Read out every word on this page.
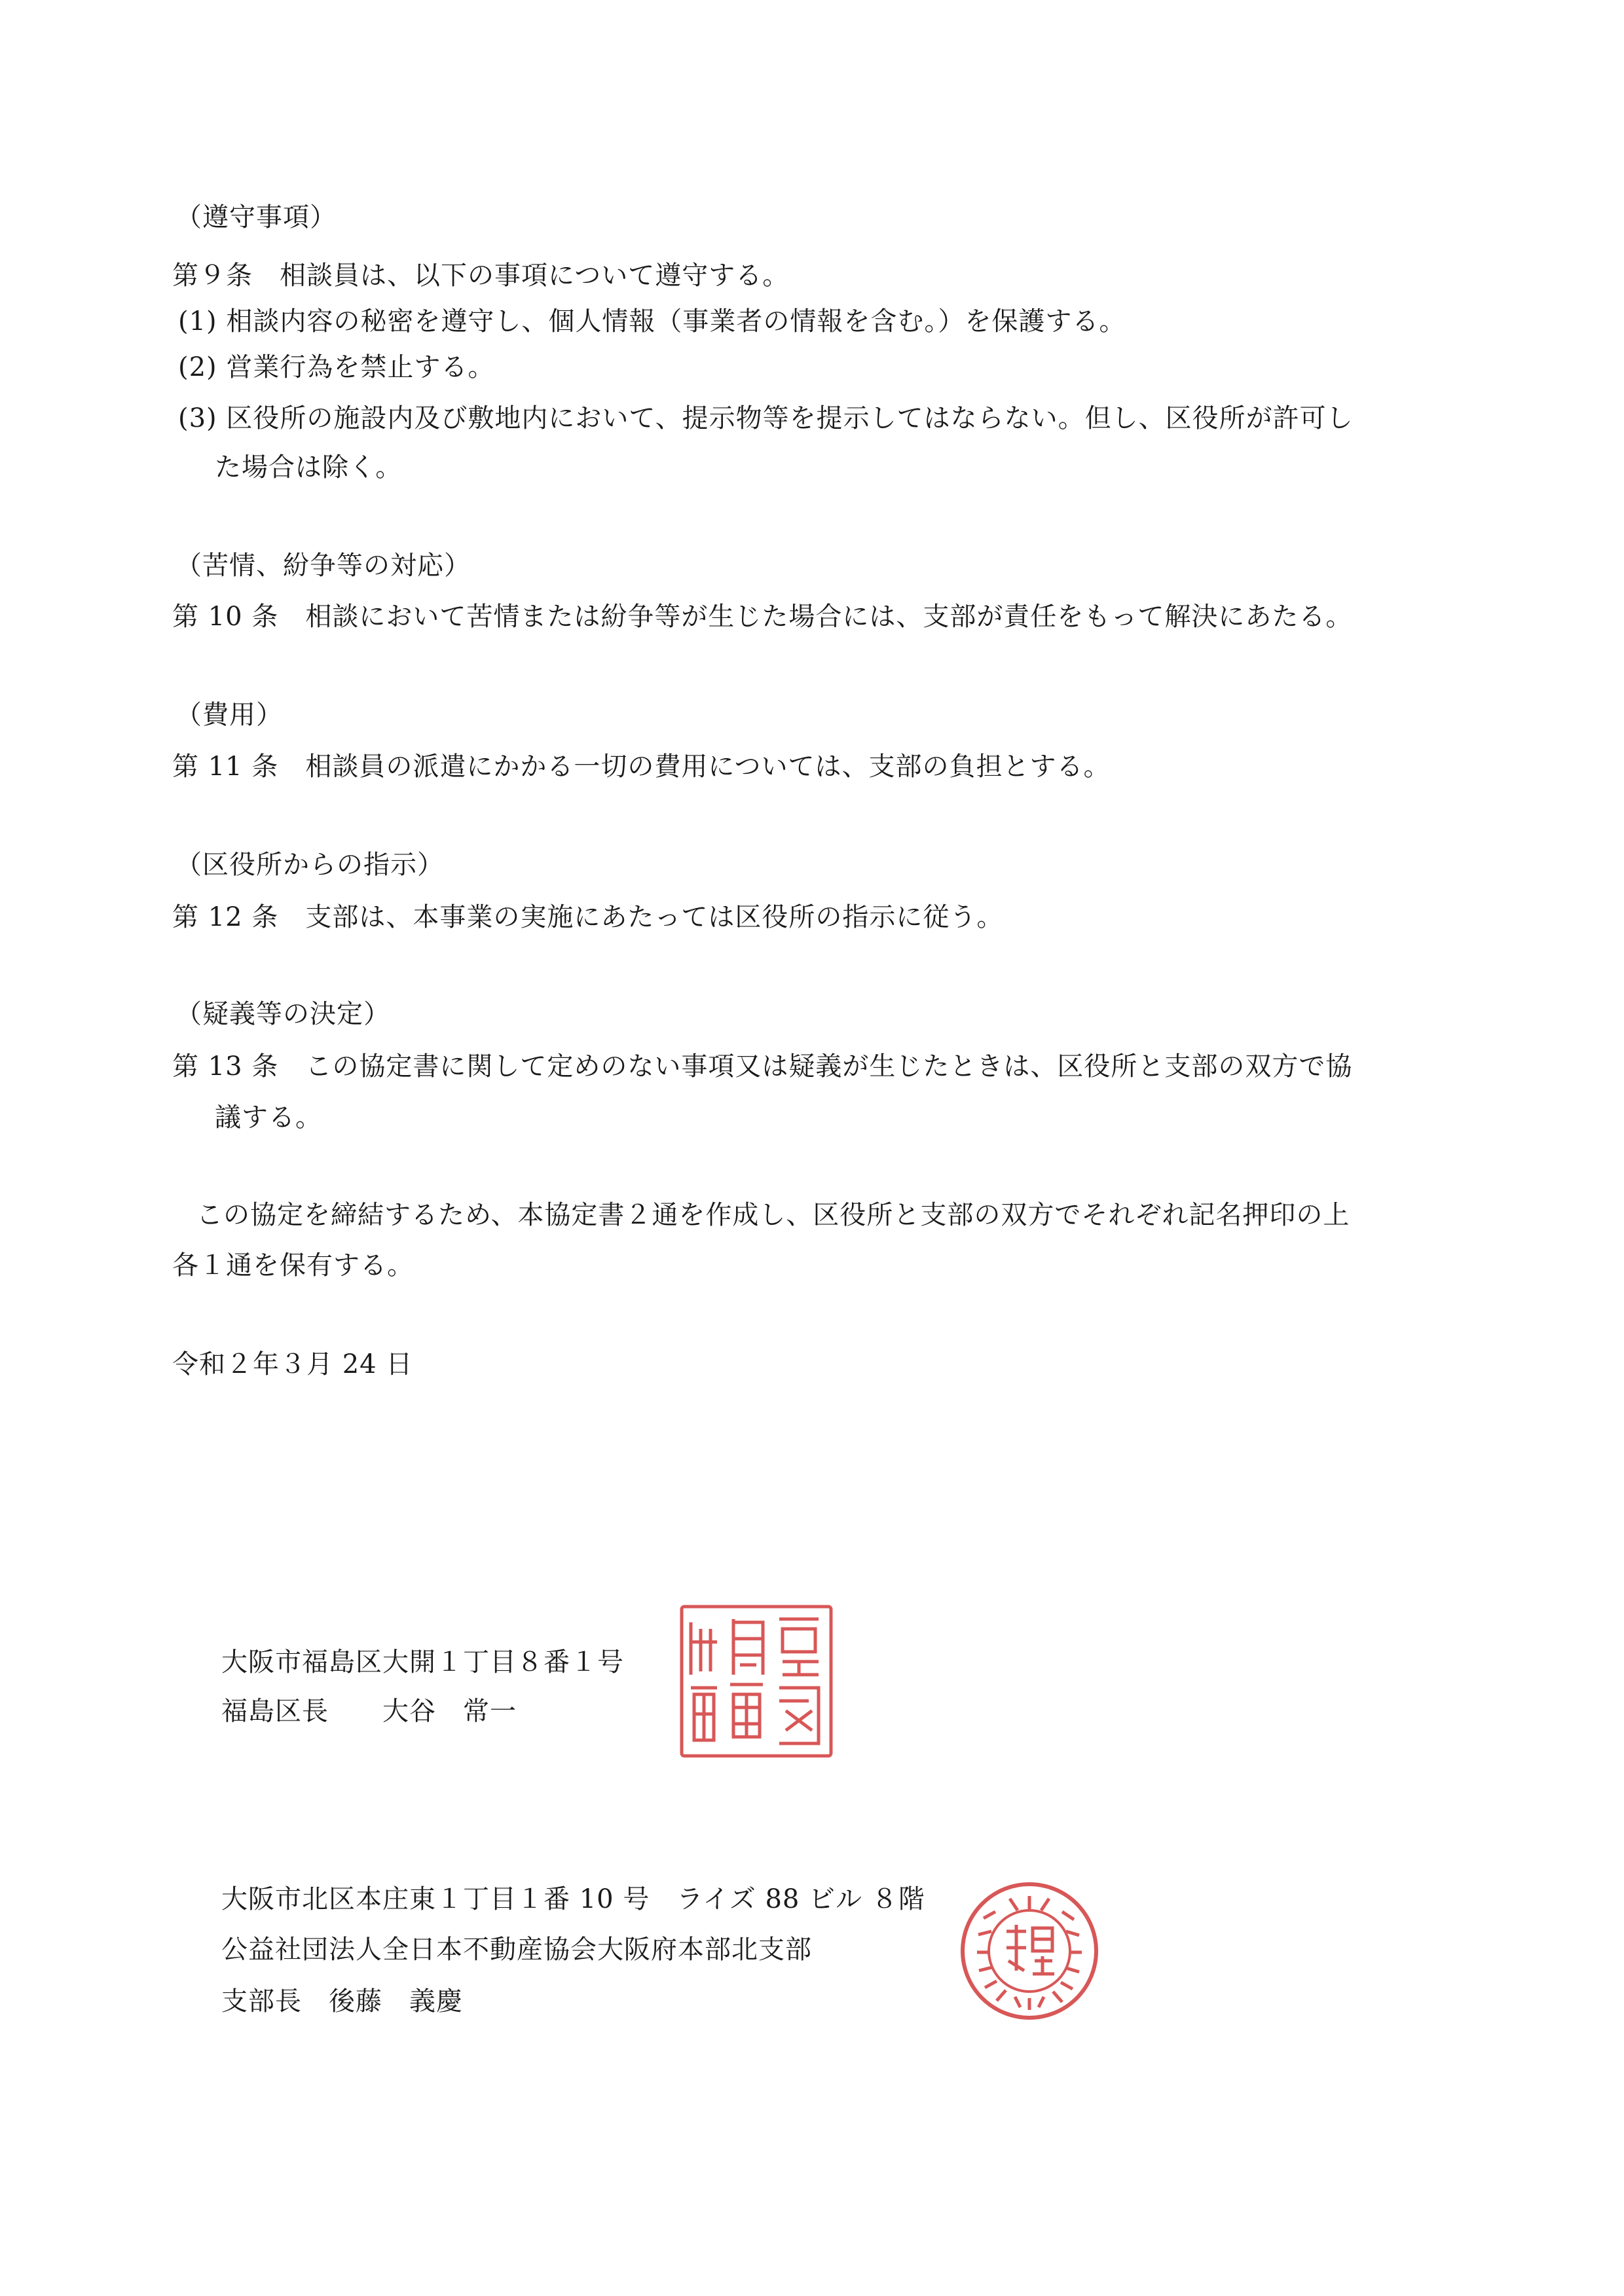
（遵守事項）
第９条　相談員は、以下の事項について遵守する。
(1) 相談内容の秘密を遵守し、個人情報（事業者の情報を含む。）を保護する。
(2) 営業行為を禁止する。
(3) 区役所の施設内及び敷地内において、提示物等を提示してはならない。但し、区役所が許可し
た場合は除く。
（苦情、紛争等の対応）
第 10 条　相談において苦情または紛争等が生じた場合には、支部が責任をもって解決にあたる。
（費用）
第 11 条　相談員の派遣にかかる一切の費用については、支部の負担とする。
（区役所からの指示）
第 12 条　支部は、本事業の実施にあたっては区役所の指示に従う。
（疑義等の決定）
第 13 条　この協定書に関して定めのない事項又は疑義が生じたときは、区役所と支部の双方で協
議する。
この協定を締結するため、本協定書２通を作成し、区役所と支部の双方でそれぞれ記名押印の上
各１通を保有する。
令和２年３月 24 日
大阪市福島区大開１丁目８番１号
福島区長　　大谷　常一
大阪市北区本庄東１丁目１番 10 号　ライズ 88 ビル ８階
公益社団法人全日本不動産協会大阪府本部北支部
支部長　後藤　義慶
